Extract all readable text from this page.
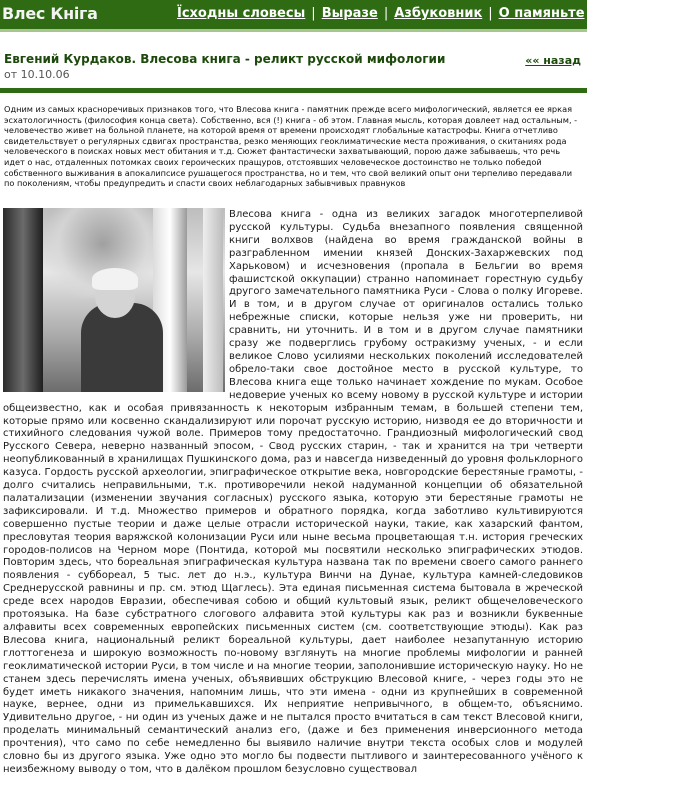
Влес Кніга	Їсходны словесы | Выразе | Азбуковник | О памяньте | Будисьлаба
Евгений Курдаков. Влесова книга - реликт русской мифологии
от 10.10.06
«« назад
Одним из самых красноречивых признаков того, что Влесова книга - памятник прежде всего мифологический, является ее яркая эсхатологичность (философия конца света). Собственно, вся (!) книга - об этом. Главная мысль, которая довлеет над остальным, - человечество живет на больной планете, на которой время от времени происходят глобальные катастрофы. Книга отчетливо свидетельствует о регулярных сдвигах пространства, резко меняющих геоклиматические места проживания, о скитаниях рода человеческого в поисках новых мест обитания и т.д. Сюжет фантастически захватывающий, порою даже забываешь, что речь идет о нас, отдаленных потомках своих героических пращуров, отстоявших человеческое достоинство не только победой собственного выживания в апокалипсисе рушащегося пространства, но и тем, что свой великий опыт они терпеливо передавали по поколениям, чтобы предупредить и спасти своих неблагодарных забывчивых правнуков
Влесова книга - одна из великих загадок многотерпеливой русской культуры. Судьба внезапного появления священной книги волхвов (найдена во время гражданской войны в разграбленном имении князей Донских-Захаржевских под Харьковом) и исчезновения (пропала в Бельгии во время фашистской оккупации) странно напоминает горестную судьбу другого замечательного памятника Руси - Слова о полку Игореве. И в том, и в другом случае от оригиналов остались только небрежные списки, которые нельзя уже ни проверить, ни сравнить, ни уточнить. И в том и в другом случае памятники сразу же подверглись грубому остракизму ученых, - и если великое Слово усилиями нескольких поколений исследователей обрело-таки свое достойное место в русской культуре, то Влесова книга еще только начинает хождение по мукам. Особое недоверие ученых ко всему новому в русской культуре и истории общеизвестно, как и особая привязанность к некоторым избранным темам, в большей степени тем, которые прямо или косвенно скандализируют или порочат русскую историю, низводя ее до вторичности и стихийного следования чужой воле. Примеров тому предостаточно. Грандиозный мифологический свод Русского Севера, неверно названный эпосом, - Свод русских старин, - так и хранится на три четверти неопубликованный в хранилищах Пушкинского дома, раз и навсегда низведенный до уровня фольклорного казуса. Гордость русской археологии, эпиграфическое открытие века, новгородские берестяные грамоты, - долго считались неправильными, т.к. противоречили некой надуманной концепции об обязательной палатализации (изменении звучания согласных) русского языка, которую эти берестяные грамоты не зафиксировали. И т.д. Множество примеров и обратного порядка, когда заботливо культивируются совершенно пустые теории и даже целые отрасли исторической науки, такие, как хазарский фантом, пресловутая теория варяжской колонизации Руси или ныне весьма процветающая т.н. история греческих городов-полисов на Черном море (Понтида, которой мы посвятили несколько эпиграфических этюдов. Повторим здесь, что бореальная эпиграфическая культура названа так по времени своего самого раннего появления - суббореал, 5 тыс. лет до н.э., культура Винчи на Дунае, культура камней-следовиков Среднерусской равнины и пр. см. этюд Щаглесь). Эта единая письменная система бытовала в жреческой среде всех народов Евразии, обеспечивая собою и общий культовый язык, реликт общечеловеческого протоязыка. На базе субстратного слогового алфавита этой культуры как раз и возникли буквенные алфавиты всех современных европейских письменных систем (см. соответствующие этюды). Как раз Влесова книга, национальный реликт бореальной культуры, дает наиболее незапутанную историю глоттогенеза и широкую возможность по-новому взглянуть на многие проблемы мифологии и ранней геоклиматической истории Руси, в том числе и на многие теории, заполонившие историческую науку. Но не станем здесь перечислять имена ученых, объявивших обструкцию Влесовой книге, - через годы это не будет иметь никакого значения, напомним лишь, что эти имена - одни из крупнейших в современной науке, вернее, одни из примелькавшихся. Их неприятие непривычного, в общем-то, объяснимо. Удивительно другое, - ни один из ученых даже и не пытался просто вчитаться в сам текст Влесовой книги, проделать минимальный семантический анализ его, (даже и без применения инверсионного метода прочтения), что само по себе немедленно бы выявило наличие внутри текста особых слов и модулей словно бы из другого языка. Уже одно это могло бы подвести пытливого и заинтересованного учёного к неизбежному выводу о том, что в далёком прошлом безусловно существовал
